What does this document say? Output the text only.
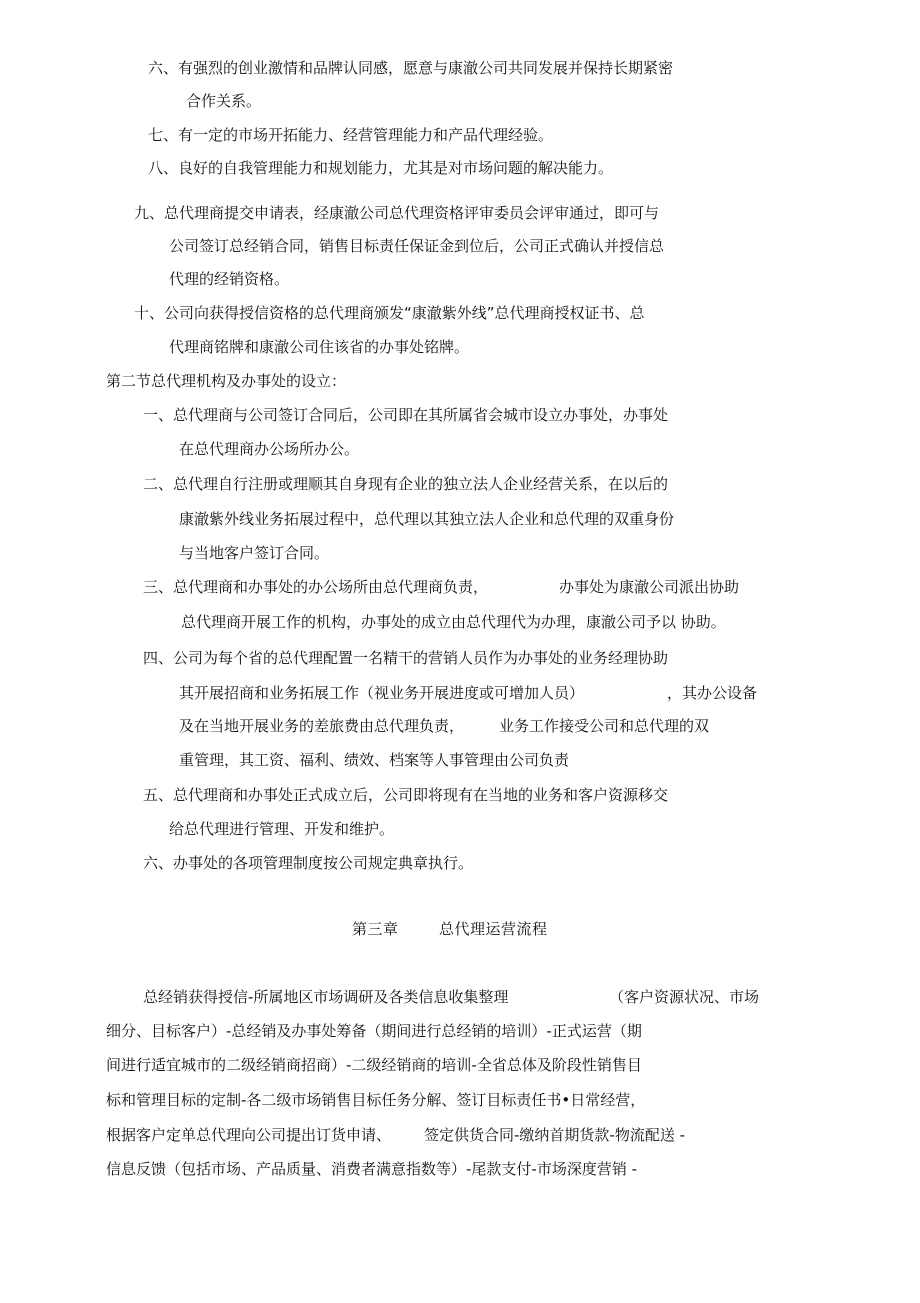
六、有强烈的创业激情和品牌认同感，愿意与康澈公司共同发展并保持长期紧密
合作关系。
七、有一定的市场开拓能力、经营管理能力和产品代理经验。
八、良好的自我管理能力和规划能力，尤其是对市场问题的解决能力。
九、总代理商提交申请表，经康澈公司总代理资格评审委员会评审通过，即可与
公司签订总经销合同，销售目标责任保证金到位后，公司正式确认并授信总
代理的经销资格。
十、公司向获得授信资格的总代理商颁发“康澈紫外线”总代理商授权证书、总
代理商铭牌和康澈公司住该省的办事处铭牌。
第二节总代理机构及办事处的设立：
一、总代理商与公司签订合同后，公司即在其所属省会城市设立办事处，办事处
在总代理商办公场所办公。
二、总代理自行注册或理顺其自身现有企业的独立法人企业经营关系，在以后的
康澈紫外线业务拓展过程中，总代理以其独立法人企业和总代理的双重身份
与当地客户签订合同。
三、总代理商和办事处的办公场所由总代理商负责，	办事处为康澈公司派出协助
总代理商开展工作的机构，办事处的成立由总代理代为办理，康澈公司予以 协助。
四、公司为每个省的总代理配置一名精干的营销人员作为办事处的业务经理协助
其开展招商和业务拓展工作（视业务开展进度或可增加人员）	，其办公设备
及在当地开展业务的差旅费由总代理负责， 业务工作接受公司和总代理的双
重管理，其工资、福利、绩效、档案等人事管理由公司负责
五、总代理商和办事处正式成立后，公司即将现有在当地的业务和客户资源移交
给总代理进行管理、开发和维护。
六、办事处的各项管理制度按公司规定典章执行。
第三章	总代理运营流程
总经销获得授信-所属地区市场调研及各类信息收集整理	（客户资源状况、市场
细分、目标客户）-总经销及办事处筹备（期间进行总经销的培训）-正式运营（期
间进行适宜城市的二级经销商招商）-二级经销商的培训-全省总体及阶段性销售目
标和管理目标的定制-各二级市场销售目标任务分解、签订目标责任书•日常经营，
根据客户定单总代理向公司提出订货申请、 签定供货合同-缴纳首期货款-物流配送 -
信息反馈（包括市场、产品质量、消费者满意指数等）-尾款支付-市场深度营销 -
